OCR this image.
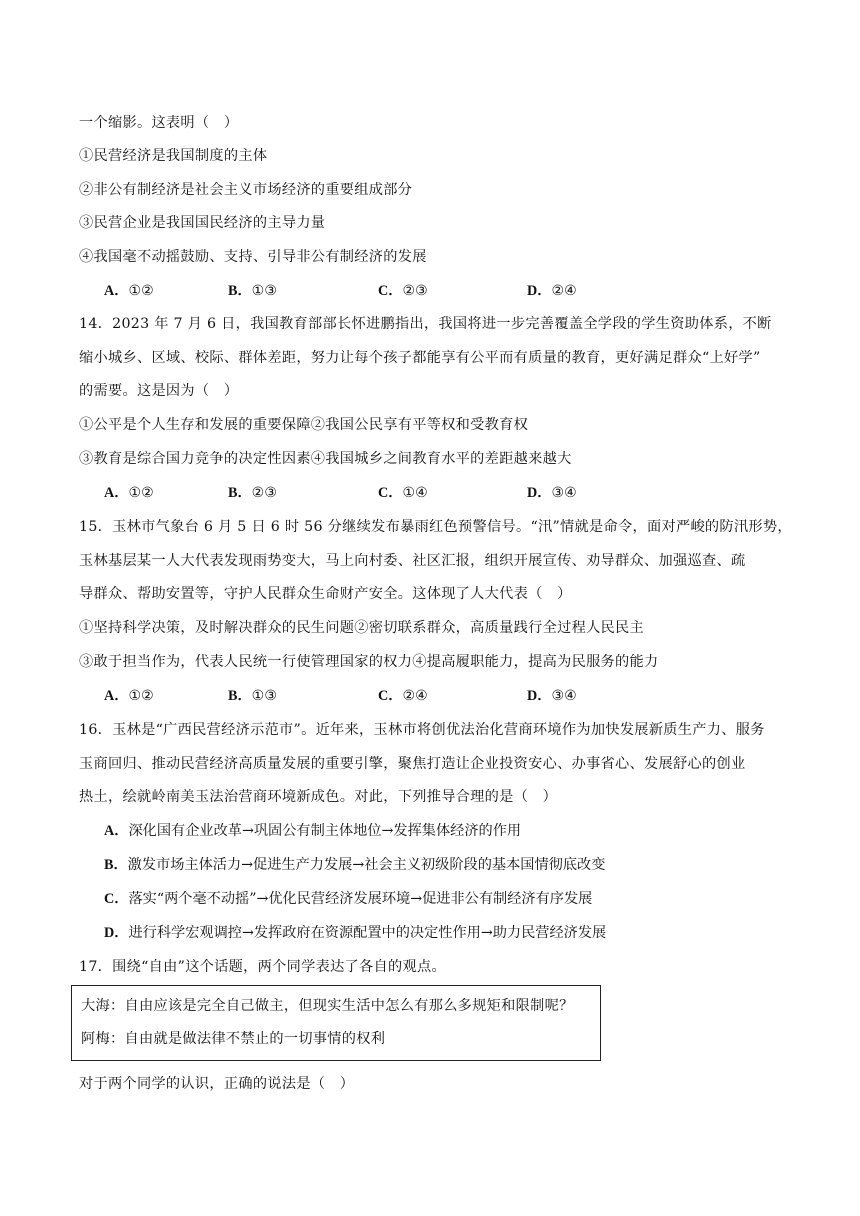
一个缩影。这表明（　）
①民营经济是我国制度的主体
②非公有制经济是社会主义市场经济的重要组成部分
③民营企业是我国国民经济的主导力量
④我国毫不动摇鼓励、支持、引导非公有制经济的发展
A．①②	B．①③	C．②③	D．②④
14．2023 年 7 月 6 日，我国教育部部长怀进鹏指出，我国将进一步完善覆盖全学段的学生资助体系，不断
缩小城乡、区域、校际、群体差距，努力让每个孩子都能享有公平而有质量的教育，更好满足群众“上好学”
的需要。这是因为（　）
①公平是个人生存和发展的重要保障②我国公民享有平等权和受教育权
③教育是综合国力竞争的决定性因素④我国城乡之间教育水平的差距越来越大
A．①②	B．②③	C．①④	D．③④
15．玉林市气象台 6 月 5 日 6 时 56 分继续发布暴雨红色预警信号。“汛”情就是命令，面对严峻的防汛形势，
玉林基层某一人大代表发现雨势变大，马上向村委、社区汇报，组织开展宣传、劝导群众、加强巡查、疏
导群众、帮助安置等，守护人民群众生命财产安全。这体现了人大代表（　）
①坚持科学决策，及时解决群众的民生问题②密切联系群众，高质量践行全过程人民民主
③敢于担当作为，代表人民统一行使管理国家的权力④提高履职能力，提高为民服务的能力
A．①②	B．①③	C．②④	D．③④
16．玉林是“广西民营经济示范市”。近年来，玉林市将创优法治化营商环境作为加快发展新质生产力、服务
玉商回归、推动民营经济高质量发展的重要引擎，聚焦打造让企业投资安心、办事省心、发展舒心的创业
热土，绘就岭南美玉法治营商环境新成色。对此，下列推导合理的是（　）
A．深化国有企业改革→巩固公有制主体地位→发挥集体经济的作用
B．激发市场主体活力→促进生产力发展→社会主义初级阶段的基本国情彻底改变
C．落实“两个毫不动摇”→优化民营经济发展环境→促进非公有制经济有序发展
D．进行科学宏观调控→发挥政府在资源配置中的决定性作用→助力民营经济发展
17．围绕“自由”这个话题，两个同学表达了各自的观点。
大海：自由应该是完全自己做主，但现实生活中怎么有那么多规矩和限制呢？
阿梅：自由就是做法律不禁止的一切事情的权利
对于两个同学的认识，正确的说法是（　）
